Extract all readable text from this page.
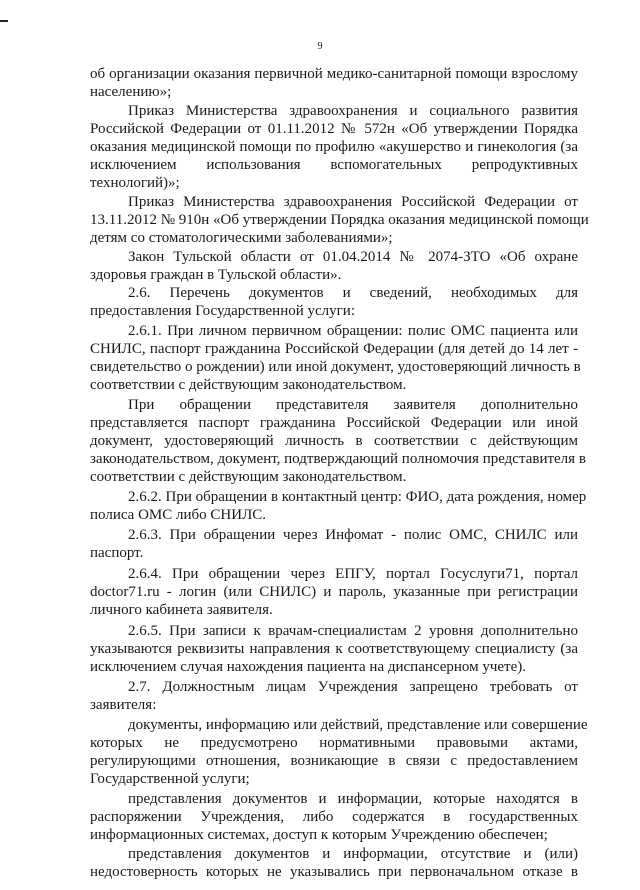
9
об организации оказания первичной медико-санитарной помощи взрослому
населению»;
Приказ Министерства здравоохранения и социального развития
Российской Федерации от 01.11.2012 № 572н «Об утверждении Порядка
оказания медицинской помощи по профилю «акушерство и гинекология (за
исключением использования вспомогательных репродуктивных
технологий)»;
Приказ Министерства здравоохранения Российской Федерации от
13.11.2012 № 910н «Об утверждении Порядка оказания медицинской помощи
детям со стоматологическими заболеваниями»;
Закон Тульской области от 01.04.2014 № 2074-ЗТО «Об охране
здоровья граждан в Тульской области».
2.6. Перечень документов и сведений, необходимых для
предоставления Государственной услуги:
2.6.1. При личном первичном обращении: полис ОМС пациента или
СНИЛС, паспорт гражданина Российской Федерации (для детей до 14 лет -
свидетельство о рождении) или иной документ, удостоверяющий личность в
соответствии с действующим законодательством.
При обращении представителя заявителя дополнительно
представляется паспорт гражданина Российской Федерации или иной
документ, удостоверяющий личность в соответствии с действующим
законодательством, документ, подтверждающий полномочия представителя в
соответствии с действующим законодательством.
2.6.2. При обращении в контактный центр: ФИО, дата рождения, номер
полиса ОМС либо СНИЛС.
2.6.3. При обращении через Инфомат - полис ОМС, СНИЛС или
паспорт.
2.6.4. При обращении через ЕПГУ, портал Госуслуги71, портал
doctor71.ru - логин (или СНИЛС) и пароль, указанные при регистрации
личного кабинета заявителя.
2.6.5. При записи к врачам-специалистам 2 уровня дополнительно
указываются реквизиты направления к соответствующему специалисту (за
исключением случая нахождения пациента на диспансерном учете).
2.7. Должностным лицам Учреждения запрещено требовать от
заявителя:
документы, информацию или действий, представление или совершение
которых не предусмотрено нормативными правовыми актами,
регулирующими отношения, возникающие в связи с предоставлением
Государственной услуги;
представления документов и информации, которые находятся в
распоряжении Учреждения, либо содержатся в государственных
информационных системах, доступ к которым Учреждению обеспечен;
представления документов и информации, отсутствие и (или)
недостоверность которых не указывались при первоначальном отказе в
